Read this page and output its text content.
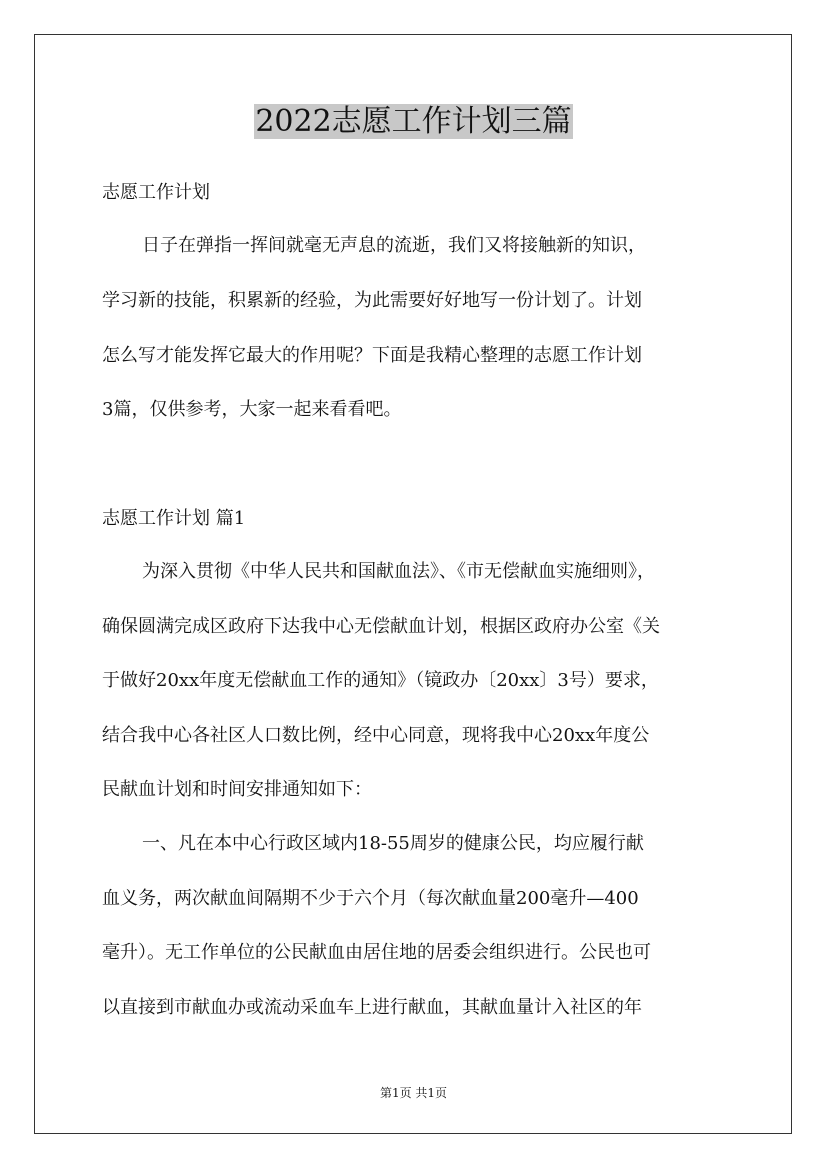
2022志愿工作计划三篇
志愿工作计划
日子在弹指一挥间就毫无声息的流逝，我们又将接触新的知识，
学习新的技能，积累新的经验，为此需要好好地写一份计划了。计划
怎么写才能发挥它最大的作用呢？下面是我精心整理的志愿工作计划
3篇，仅供参考，大家一起来看看吧。
志愿工作计划 篇1
为深入贯彻《中华人民共和国献血法》、《市无偿献血实施细则》，
确保圆满完成区政府下达我中心无偿献血计划，根据区政府办公室《关
于做好20xx年度无偿献血工作的通知》（镜政办〔20xx〕3号）要求，
结合我中心各社区人口数比例，经中心同意，现将我中心20xx年度公
民献血计划和时间安排通知如下：
一、凡在本中心行政区域内18-55周岁的健康公民，均应履行献
血义务，两次献血间隔期不少于六个月（每次献血量200毫升—400
毫升）。无工作单位的公民献血由居住地的居委会组织进行。公民也可
以直接到市献血办或流动采血车上进行献血，其献血量计入社区的年
第1页 共1页
